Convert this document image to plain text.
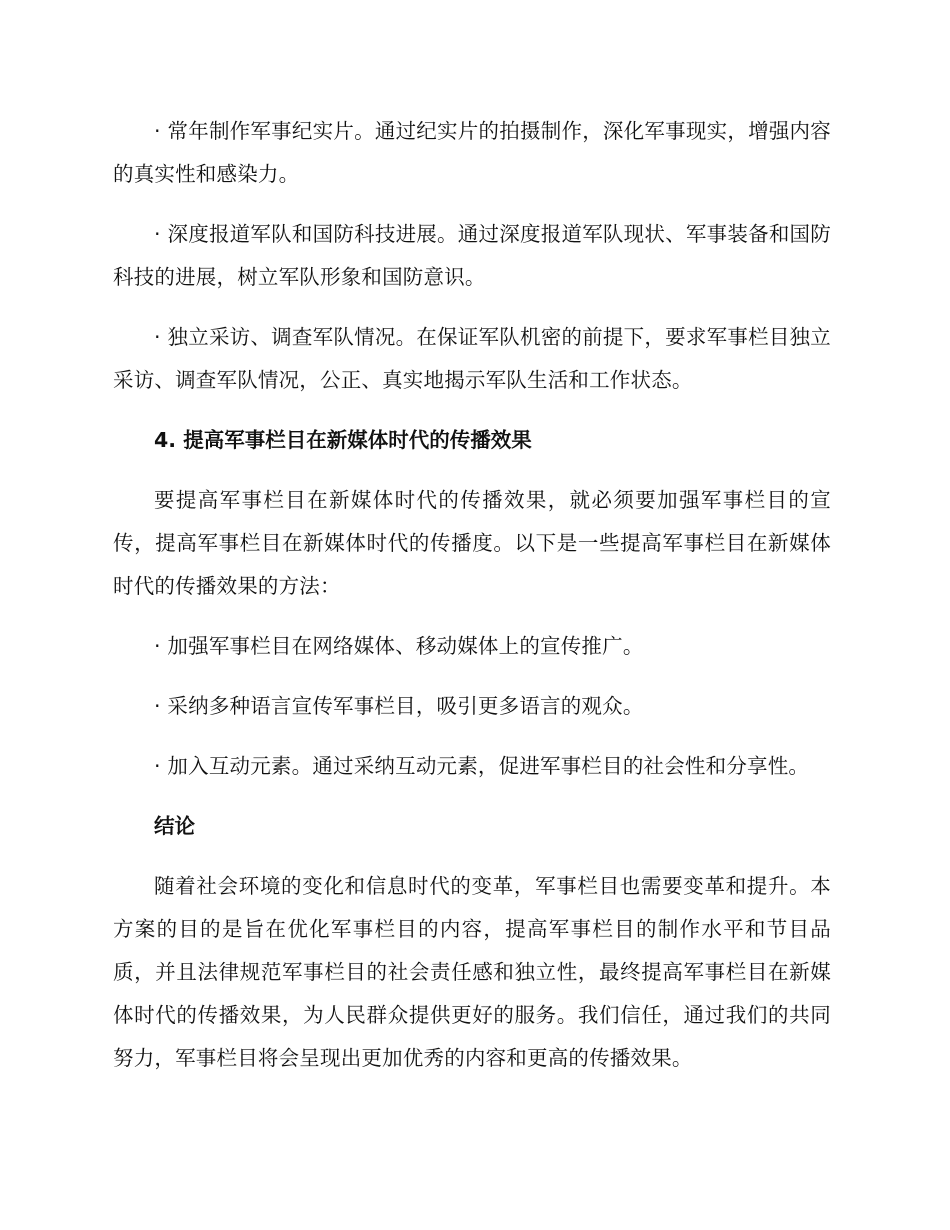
· 常年制作军事纪实片。通过纪实片的拍摄制作，深化军事现实，增强内容的真实性和感染力。

· 深度报道军队和国防科技进展。通过深度报道军队现状、军事装备和国防科技的进展，树立军队形象和国防意识。

· 独立采访、调查军队情况。在保证军队机密的前提下，要求军事栏目独立采访、调查军队情况，公正、真实地揭示军队生活和工作状态。

4. 提高军事栏目在新媒体时代的传播效果

要提高军事栏目在新媒体时代的传播效果，就必须要加强军事栏目的宣传，提高军事栏目在新媒体时代的传播度。以下是一些提高军事栏目在新媒体时代的传播效果的方法：

· 加强军事栏目在网络媒体、移动媒体上的宣传推广。

· 采纳多种语言宣传军事栏目，吸引更多语言的观众。

· 加入互动元素。通过采纳互动元素，促进军事栏目的社会性和分享性。

结论

随着社会环境的变化和信息时代的变革，军事栏目也需要变革和提升。本方案的目的是旨在优化军事栏目的内容，提高军事栏目的制作水平和节目品质，并且法律规范军事栏目的社会责任感和独立性，最终提高军事栏目在新媒体时代的传播效果，为人民群众提供更好的服务。我们信任，通过我们的共同努力，军事栏目将会呈现出更加优秀的内容和更高的传播效果。
